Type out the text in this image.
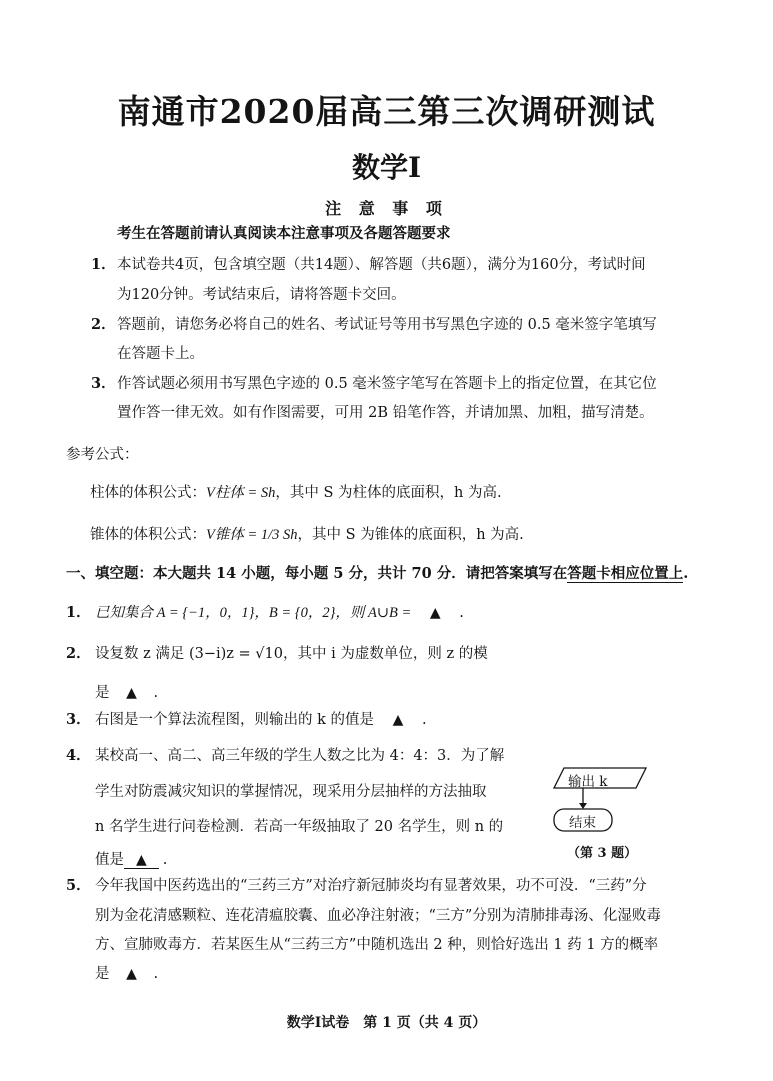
南通市2020届高三第三次调研测试
数学Ⅰ
注 意 事 项
考生在答题前请认真阅读本注意事项及各题答题要求
1． 本试卷共4页，包含填空题（共14题）、解答题（共6题），满分为160分，考试时间
为120分钟。考试结束后，请将答题卡交回。
2． 答题前，请您务必将自己的姓名、考试证号等用书写黑色字迹的 0.5 毫米签字笔填写
在答题卡上。
3． 作答试题必须用书写黑色字迹的 0.5 毫米签字笔写在答题卡上的指定位置，在其它位
置作答一律无效。如有作图需要，可用 2B 铅笔作答，并请加黑、加粗，描写清楚。
参考公式：
柱体的体积公式：V柱体 = Sh，其中 S 为柱体的底面积，h 为高.
锥体的体积公式：V锥体 = 1/3 Sh，其中 S 为锥体的底面积，h 为高.
一、填空题：本大题共 14 小题，每小题 5 分，共计 70 分．请把答案填写在答题卡相应位置上.
1． 已知集合 A = {−1，0，1}，B = {0，2}，则 A∪B = ▲ .
2． 设复数 z 满足 (3−i)z = √10，其中 i 为虚数单位，则 z 的模
是 ▲ .
3． 右图是一个算法流程图，则输出的 k 的值是 ▲ .
4． 某校高一、高二、高三年级的学生人数之比为 4：4：3．为了解
学生对防震减灾知识的掌握情况，现采用分层抽样的方法抽取
n 名学生进行问卷检测．若高一年级抽取了 20 名学生，则 n 的
值是 ▲ .
输出 k
结束
（第 3 题）
5． 今年我国中医药选出的“三药三方”对治疗新冠肺炎均有显著效果，功不可没．“三药”分
别为金花清感颗粒、连花清瘟胶囊、血必净注射液；“三方”分别为清肺排毒汤、化湿败毒
方、宣肺败毒方．若某医生从“三药三方”中随机选出 2 种，则恰好选出 1 药 1 方的概率
是 ▲ .
数学Ⅰ试卷　第 1 页（共 4 页）
